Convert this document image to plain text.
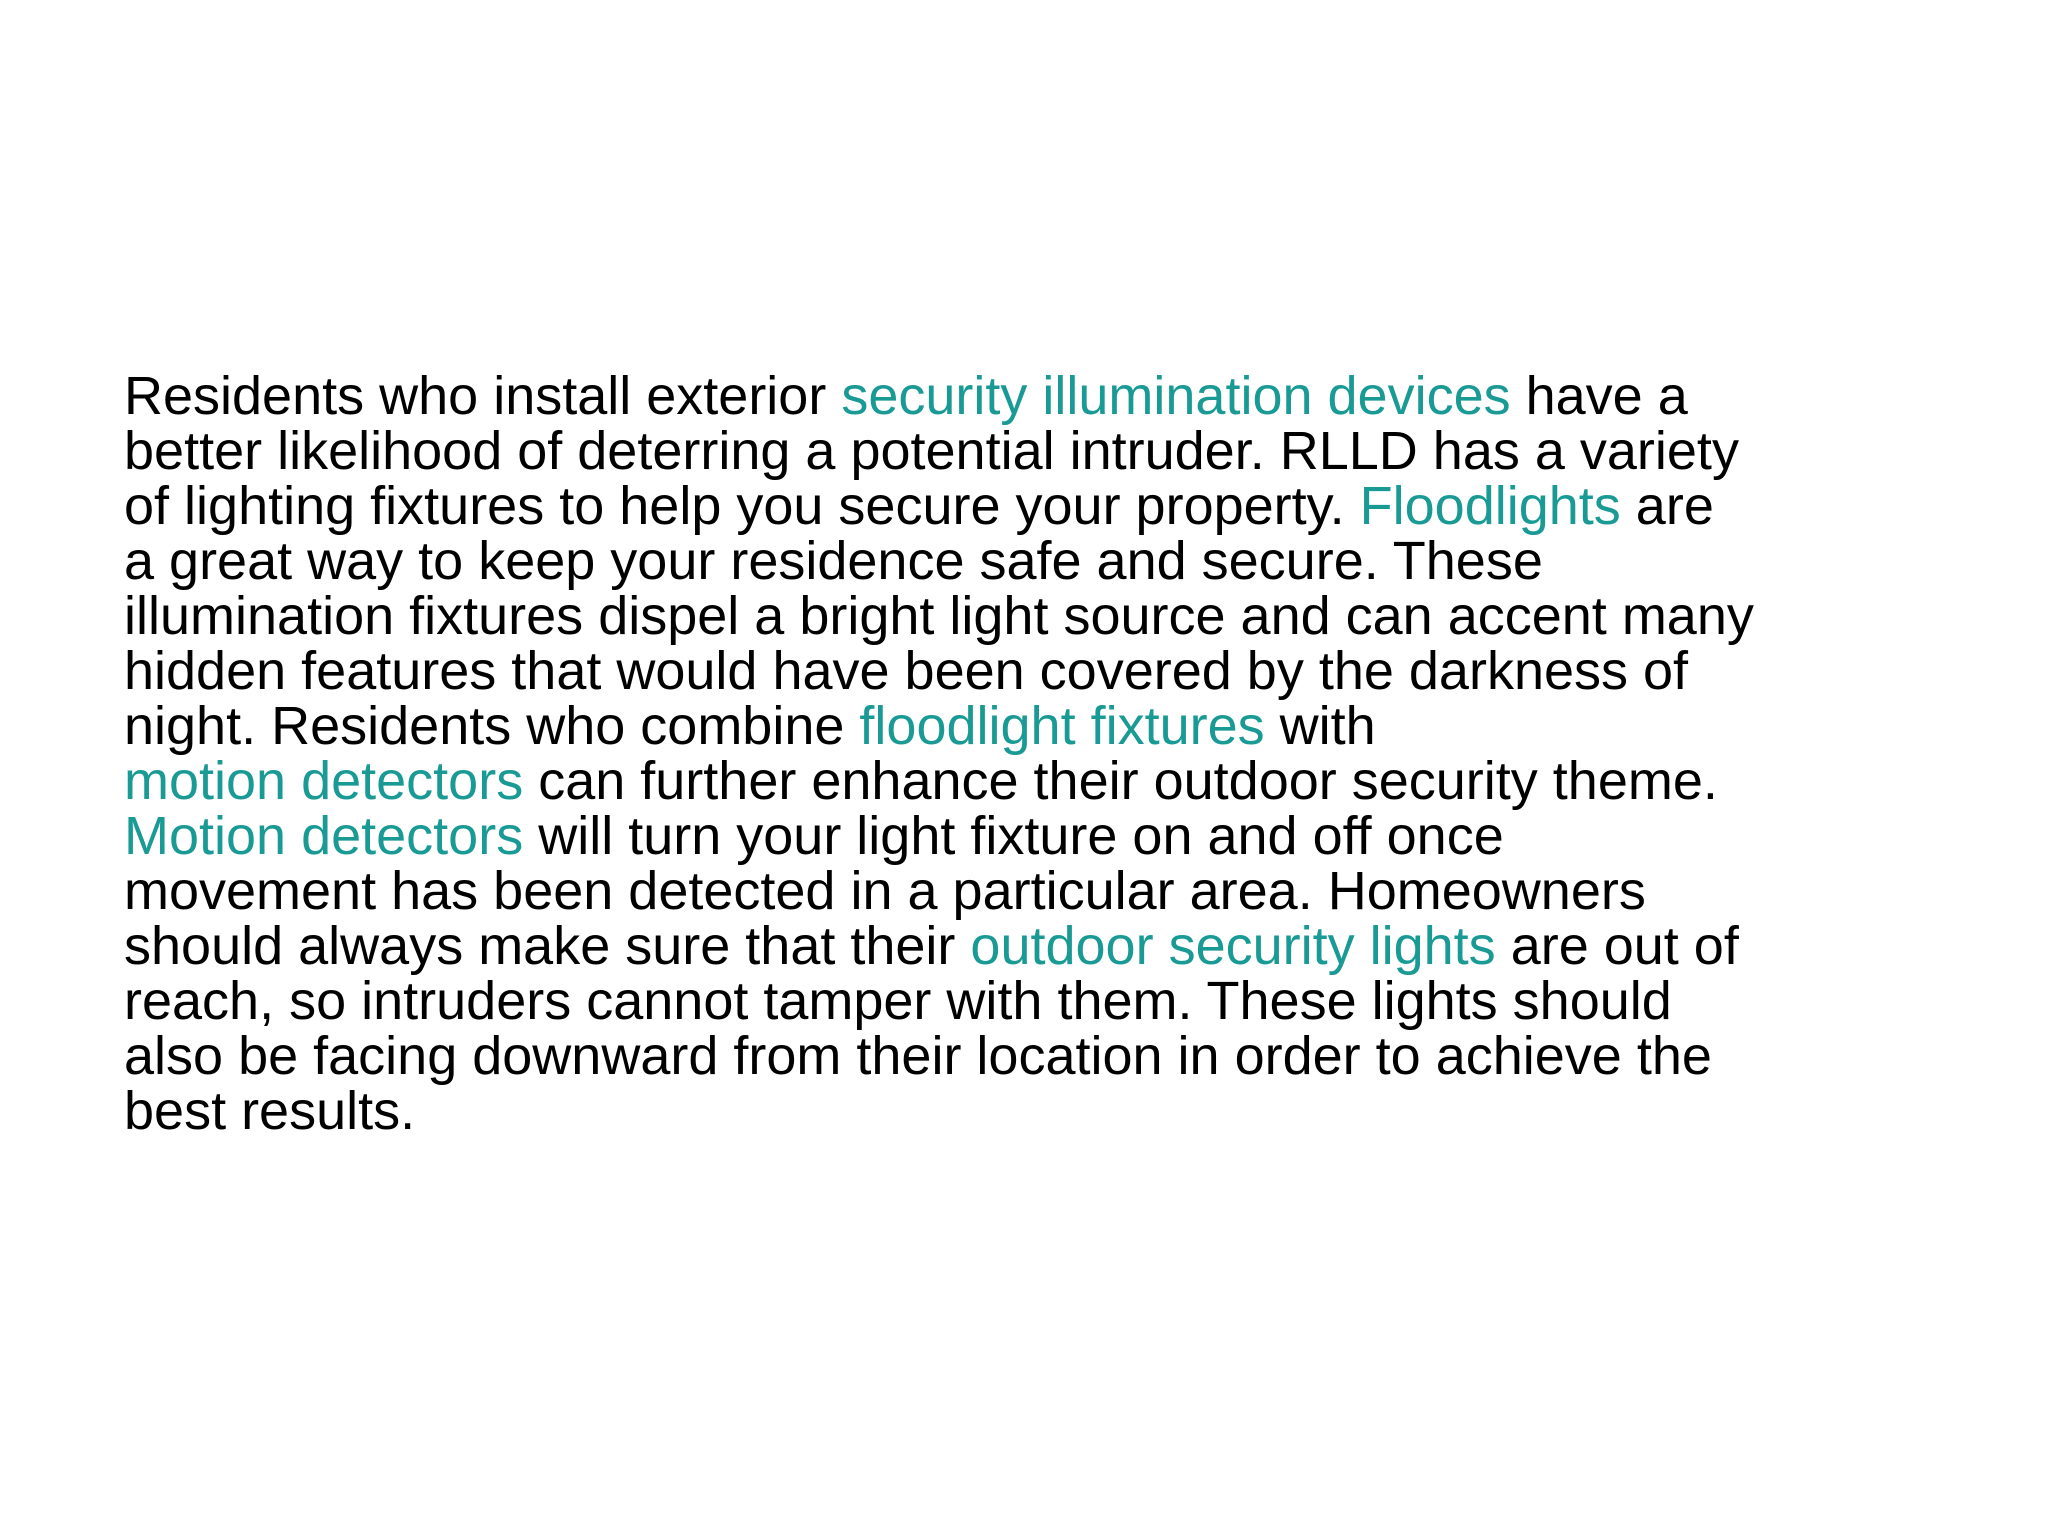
Residents who install exterior security illumination devices have a
better likelihood of deterring a potential intruder. RLLD has a variety
of lighting fixtures to help you secure your property. Floodlights are
a great way to keep your residence safe and secure. These
illumination fixtures dispel a bright light source and can accent many
hidden features that would have been covered by the darkness of
night. Residents who combine floodlight fixtures with
motion detectors can further enhance their outdoor security theme.
Motion detectors will turn your light fixture on and off once
movement has been detected in a particular area. Homeowners
should always make sure that their outdoor security lights are out of
reach, so intruders cannot tamper with them. These lights should
also be facing downward from their location in order to achieve the
best results.
